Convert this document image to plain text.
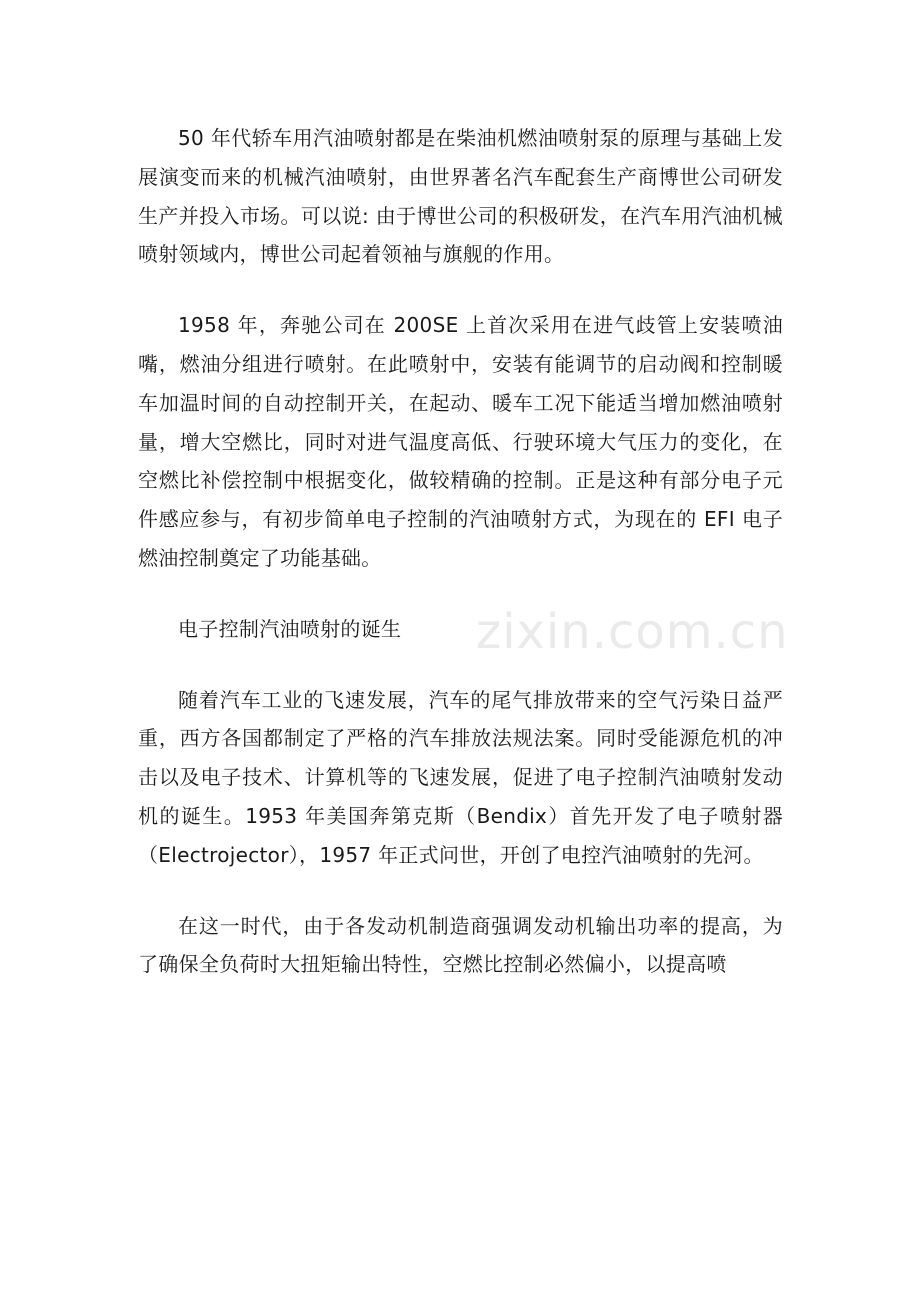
50 年代轿车用汽油喷射都是在柴油机燃油喷射泵的原理与基础上发展演变而来的机械汽油喷射，由世界著名汽车配套生产商博世公司研发生产并投入市场。可以说: 由于博世公司的积极研发，在汽车用汽油机械喷射领域内，博世公司起着领袖与旗舰的作用。

1958 年，奔驰公司在 200SE 上首次采用在进气歧管上安装喷油嘴，燃油分组进行喷射。在此喷射中，安装有能调节的启动阀和控制暖车加温时间的自动控制开关，在起动、暖车工况下能适当增加燃油喷射量，增大空燃比，同时对进气温度高低、行驶环境大气压力的变化，在空燃比补偿控制中根据变化，做较精确的控制。正是这种有部分电子元件感应参与，有初步简单电子控制的汽油喷射方式，为现在的 EFI 电子燃油控制奠定了功能基础。

电子控制汽油喷射的诞生

随着汽车工业的飞速发展，汽车的尾气排放带来的空气污染日益严重，西方各国都制定了严格的汽车排放法规法案。同时受能源危机的冲击以及电子技术、计算机等的飞速发展，促进了电子控制汽油喷射发动机的诞生。1953 年美国奔第克斯（Bendix）首先开发了电子喷射器（Electrojector），1957 年正式问世，开创了电控汽油喷射的先河。

在这一时代，由于各发动机制造商强调发动机输出功率的提高，为了确保全负荷时大扭矩输出特性，空燃比控制必然偏小，以提高喷

zixin.com.cn
